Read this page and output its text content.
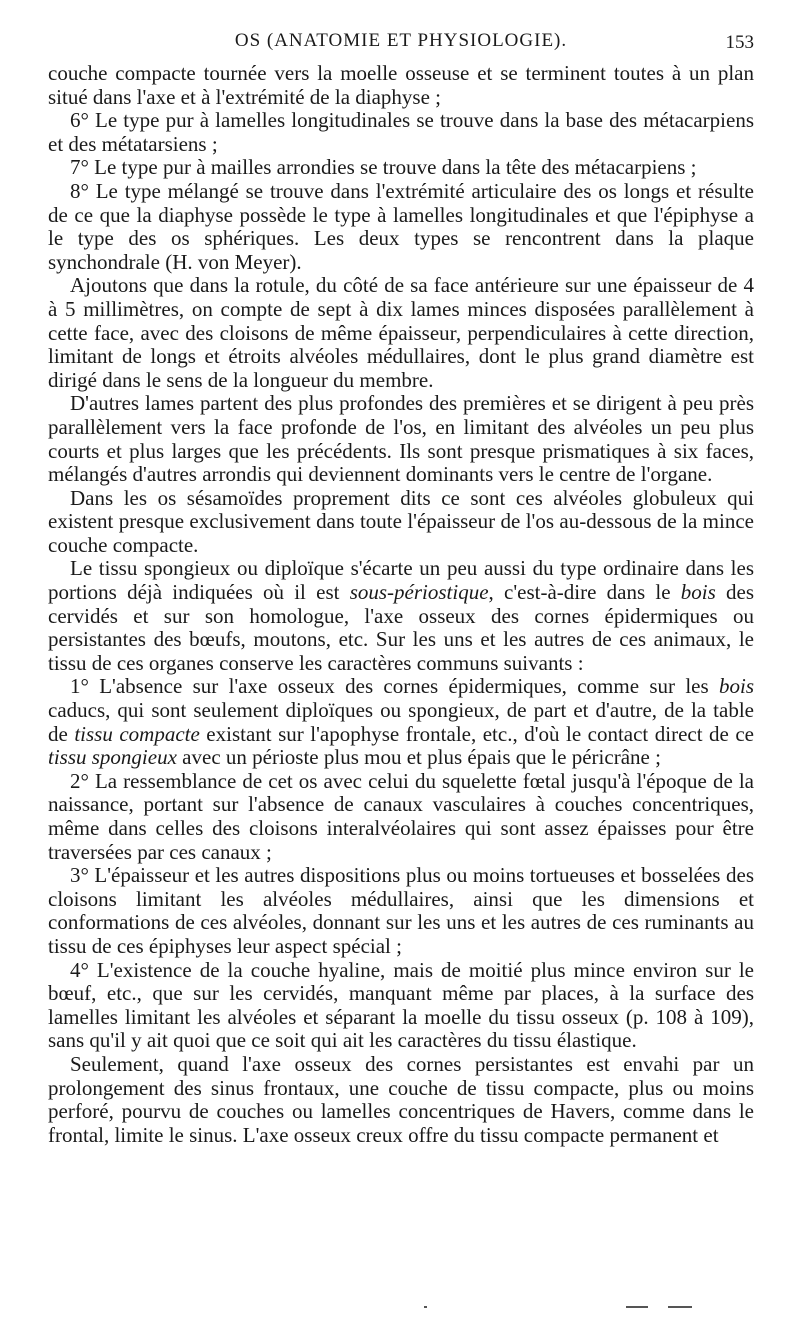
OS (ANATOMIE ET PHYSIOLOGIE).	153

couche compacte tournée vers la moelle osseuse et se terminent toutes à un plan situé dans l'axe et à l'extrémité de la diaphyse ;

6° Le type pur à lamelles longitudinales se trouve dans la base des métacarpiens et des métatarsiens ;

7° Le type pur à mailles arrondies se trouve dans la tête des métacarpiens ;

8° Le type mélangé se trouve dans l'extrémité articulaire des os longs et résulte de ce que la diaphyse possède le type à lamelles longitudinales et que l'épiphyse a le type des os sphériques. Les deux types se rencontrent dans la plaque synchondrale (H. von Meyer).

Ajoutons que dans la rotule, du côté de sa face antérieure sur une épaisseur de 4 à 5 millimètres, on compte de sept à dix lames minces disposées parallèlement à cette face, avec des cloisons de même épaisseur, perpendiculaires à cette direction, limitant de longs et étroits alvéoles médullaires, dont le plus grand diamètre est dirigé dans le sens de la longueur du membre.

D'autres lames partent des plus profondes des premières et se dirigent à peu près parallèlement vers la face profonde de l'os, en limitant des alvéoles un peu plus courts et plus larges que les précédents. Ils sont presque prismatiques à six faces, mélangés d'autres arrondis qui deviennent dominants vers le centre de l'organe.

Dans les os sésamoïdes proprement dits ce sont ces alvéoles globuleux qui existent presque exclusivement dans toute l'épaisseur de l'os au-dessous de la mince couche compacte.

Le tissu spongieux ou diploïque s'écarte un peu aussi du type ordinaire dans les portions déjà indiquées où il est sous-périostique, c'est-à-dire dans le bois des cervidés et sur son homologue, l'axe osseux des cornes épidermiques ou persistantes des bœufs, moutons, etc. Sur les uns et les autres de ces animaux, le tissu de ces organes conserve les caractères communs suivants :

1° L'absence sur l'axe osseux des cornes épidermiques, comme sur les bois caducs, qui sont seulement diploïques ou spongieux, de part et d'autre, de la table de tissu compacte existant sur l'apophyse frontale, etc., d'où le contact direct de ce tissu spongieux avec un périoste plus mou et plus épais que le péricrâne ;

2° La ressemblance de cet os avec celui du squelette fœtal jusqu'à l'époque de la naissance, portant sur l'absence de canaux vasculaires à couches concentriques, même dans celles des cloisons interalvéolaires qui sont assez épaisses pour être traversées par ces canaux ;

3° L'épaisseur et les autres dispositions plus ou moins tortueuses et bosselées des cloisons limitant les alvéoles médullaires, ainsi que les dimensions et conformations de ces alvéoles, donnant sur les uns et les autres de ces ruminants au tissu de ces épiphyses leur aspect spécial ;

4° L'existence de la couche hyaline, mais de moitié plus mince environ sur le bœuf, etc., que sur les cervidés, manquant même par places, à la surface des lamelles limitant les alvéoles et séparant la moelle du tissu osseux (p. 108 à 109), sans qu'il y ait quoi que ce soit qui ait les caractères du tissu élastique.

Seulement, quand l'axe osseux des cornes persistantes est envahi par un prolongement des sinus frontaux, une couche de tissu compacte, plus ou moins perforé, pourvu de couches ou lamelles concentriques de Havers, comme dans le frontal, limite le sinus. L'axe osseux creux offre du tissu compacte permanent et
